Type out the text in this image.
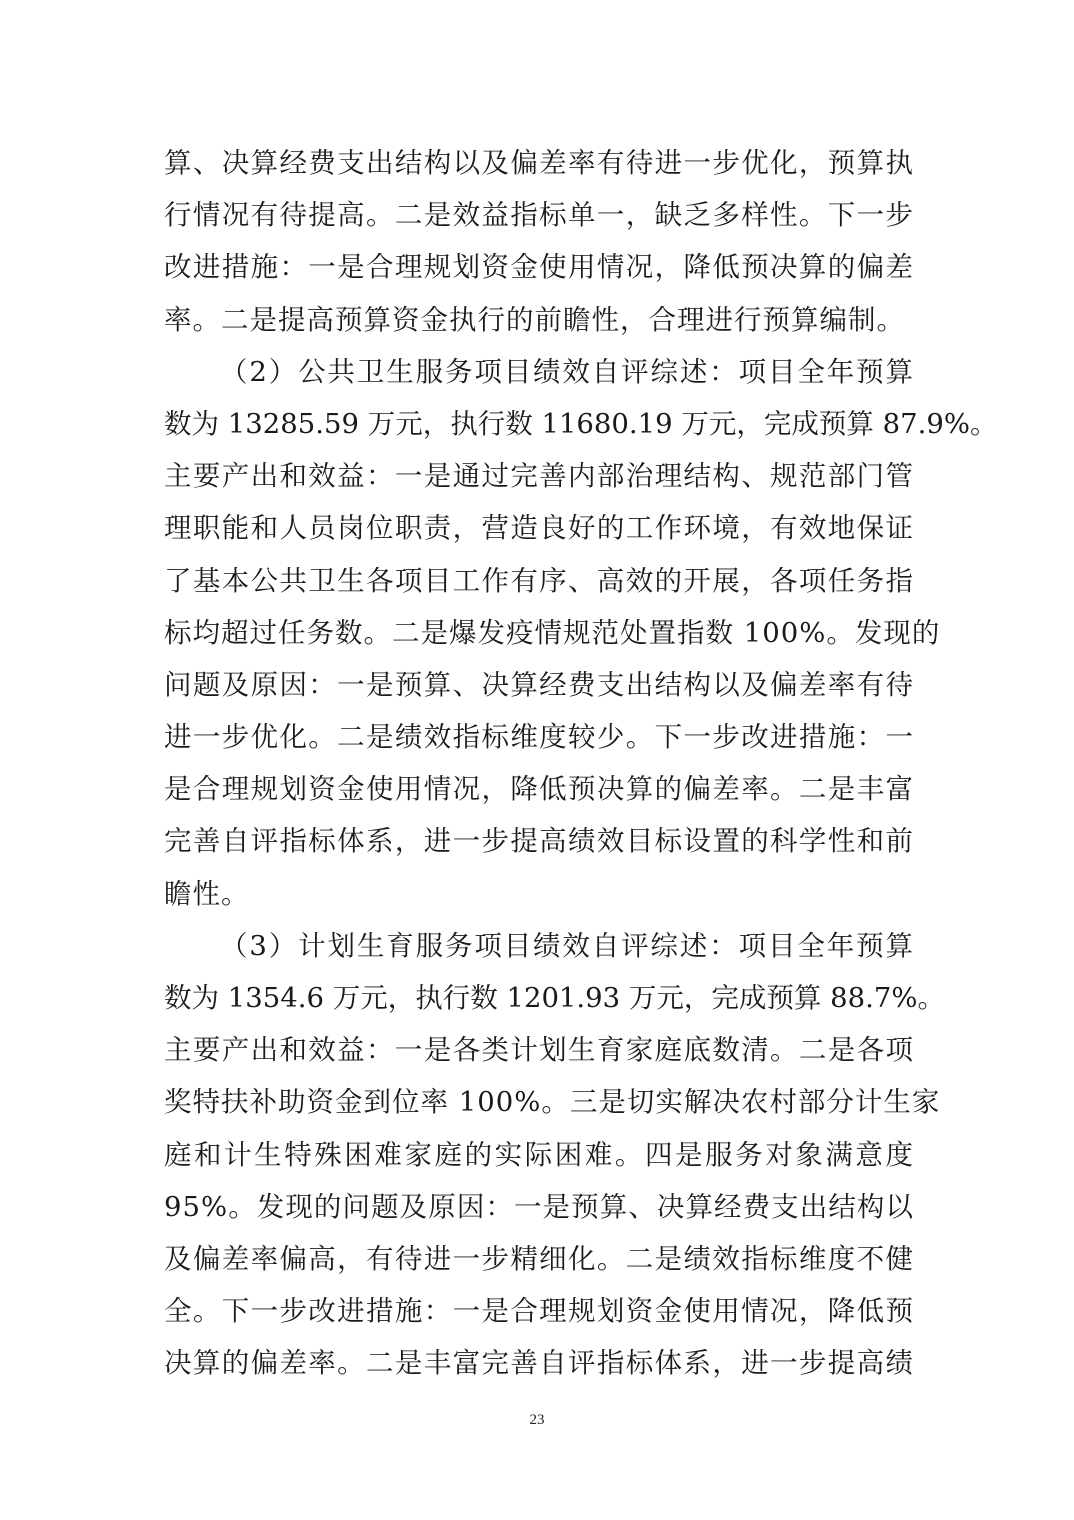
算、决算经费支出结构以及偏差率有待进一步优化，预算执
行情况有待提高。二是效益指标单一，缺乏多样性。下一步
改进措施：一是合理规划资金使用情况，降低预决算的偏差
率。二是提高预算资金执行的前瞻性，合理进行预算编制。
（2）公共卫生服务项目绩效自评综述：项目全年预算
数为 13285.59 万元，执行数 11680.19 万元，完成预算 87.9%。
主要产出和效益：一是通过完善内部治理结构、规范部门管
理职能和人员岗位职责，营造良好的工作环境，有效地保证
了基本公共卫生各项目工作有序、高效的开展，各项任务指
标均超过任务数。二是爆发疫情规范处置指数 100%。发现的
问题及原因：一是预算、决算经费支出结构以及偏差率有待
进一步优化。二是绩效指标维度较少。下一步改进措施：一
是合理规划资金使用情况，降低预决算的偏差率。二是丰富
完善自评指标体系，进一步提高绩效目标设置的科学性和前
瞻性。
（3）计划生育服务项目绩效自评综述：项目全年预算
数为 1354.6 万元，执行数 1201.93 万元，完成预算 88.7%。
主要产出和效益：一是各类计划生育家庭底数清。二是各项
奖特扶补助资金到位率 100%。三是切实解决农村部分计生家
庭和计生特殊困难家庭的实际困难。四是服务对象满意度
95%。发现的问题及原因：一是预算、决算经费支出结构以
及偏差率偏高，有待进一步精细化。二是绩效指标维度不健
全。下一步改进措施：一是合理规划资金使用情况，降低预
决算的偏差率。二是丰富完善自评指标体系，进一步提高绩
23
